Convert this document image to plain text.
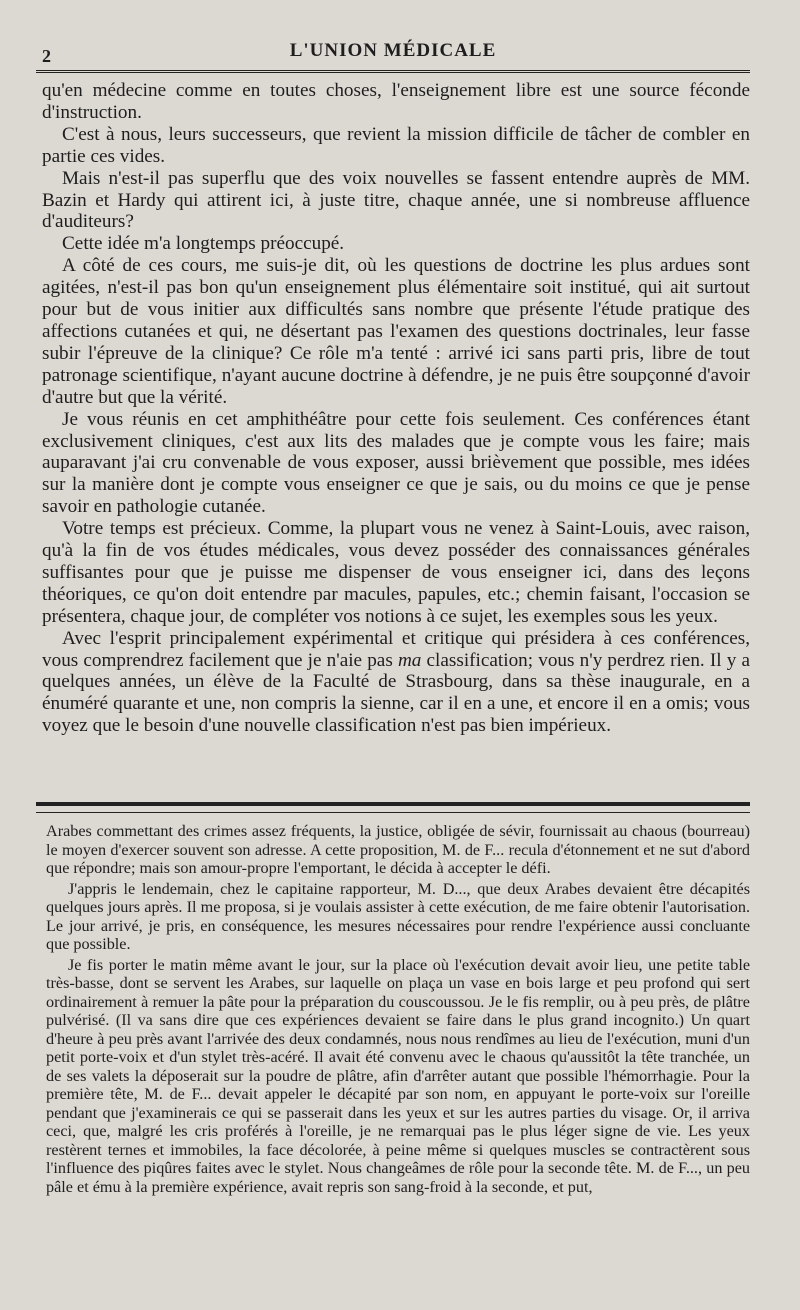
2	L'UNION MÉDICALE

qu'en médecine comme en toutes choses, l'enseignement libre est une source féconde d'instruction.

C'est à nous, leurs successeurs, que revient la mission difficile de tâcher de combler en partie ces vides.

Mais n'est-il pas superflu que des voix nouvelles se fassent entendre auprès de MM. Bazin et Hardy qui attirent ici, à juste titre, chaque année, une si nombreuse affluence d'auditeurs?

Cette idée m'a longtemps préoccupé.

A côté de ces cours, me suis-je dit, où les questions de doctrine les plus ardues sont agitées, n'est-il pas bon qu'un enseignement plus élémentaire soit institué, qui ait surtout pour but de vous initier aux difficultés sans nombre que présente l'étude pratique des affections cutanées et qui, ne désertant pas l'examen des questions doctrinales, leur fasse subir l'épreuve de la clinique? Ce rôle m'a tenté : arrivé ici sans parti pris, libre de tout patronage scientifique, n'ayant aucune doctrine à défendre, je ne puis être soupçonné d'avoir d'autre but que la vérité.

Je vous réunis en cet amphithéâtre pour cette fois seulement. Ces conférences étant exclusivement cliniques, c'est aux lits des malades que je compte vous les faire; mais auparavant j'ai cru convenable de vous exposer, aussi brièvement que possible, mes idées sur la manière dont je compte vous enseigner ce que je sais, ou du moins ce que je pense savoir en pathologie cutanée.

Votre temps est précieux. Comme, la plupart vous ne venez à Saint-Louis, avec raison, qu'à la fin de vos études médicales, vous devez posséder des connaissances générales suffisantes pour que je puisse me dispenser de vous enseigner ici, dans des leçons théoriques, ce qu'on doit entendre par macules, papules, etc.; chemin faisant, l'occasion se présentera, chaque jour, de compléter vos notions à ce sujet, les exemples sous les yeux.

Avec l'esprit principalement expérimental et critique qui présidera à ces conférences, vous comprendrez facilement que je n'aie pas ma classification; vous n'y perdrez rien. Il y a quelques années, un élève de la Faculté de Strasbourg, dans sa thèse inaugurale, en a énuméré quarante et une, non compris la sienne, car il en a une, et encore il en a omis; vous voyez que le besoin d'une nouvelle classification n'est pas bien impérieux.

Arabes commettant des crimes assez fréquents, la justice, obligée de sévir, fournissait au chaous (bourreau) le moyen d'exercer souvent son adresse. A cette proposition, M. de F... recula d'étonnement et ne sut d'abord que répondre; mais son amour-propre l'emportant, le décida à accepter le défi.

J'appris le lendemain, chez le capitaine rapporteur, M. D..., que deux Arabes devaient être décapités quelques jours après. Il me proposa, si je voulais assister à cette exécution, de me faire obtenir l'autorisation. Le jour arrivé, je pris, en conséquence, les mesures nécessaires pour rendre l'expérience aussi concluante que possible.

Je fis porter le matin même avant le jour, sur la place où l'exécution devait avoir lieu, une petite table très-basse, dont se servent les Arabes, sur laquelle on plaça un vase en bois large et peu profond qui sert ordinairement à remuer la pâte pour la préparation du couscoussou. Je le fis remplir, ou à peu près, de plâtre pulvérisé. (Il va sans dire que ces expériences devaient se faire dans le plus grand incognito.) Un quart d'heure à peu près avant l'arrivée des deux condamnés, nous nous rendîmes au lieu de l'exécution, muni d'un petit porte-voix et d'un stylet très-acéré. Il avait été convenu avec le chaous qu'aussitôt la tête tranchée, un de ses valets la déposerait sur la poudre de plâtre, afin d'arrêter autant que possible l'hémorrhagie. Pour la première tête, M. de F... devait appeler le décapité par son nom, en appuyant le porte-voix sur l'oreille pendant que j'examinerais ce qui se passerait dans les yeux et sur les autres parties du visage. Or, il arriva ceci, que, malgré les cris proférés à l'oreille, je ne remarquai pas le plus léger signe de vie. Les yeux restèrent ternes et immobiles, la face décolorée, à peine même si quelques muscles se contractèrent sous l'influence des piqûres faites avec le stylet. Nous changeâmes de rôle pour la seconde tête. M. de F..., un peu pâle et ému à la première expérience, avait repris son sang-froid à la seconde, et put,
